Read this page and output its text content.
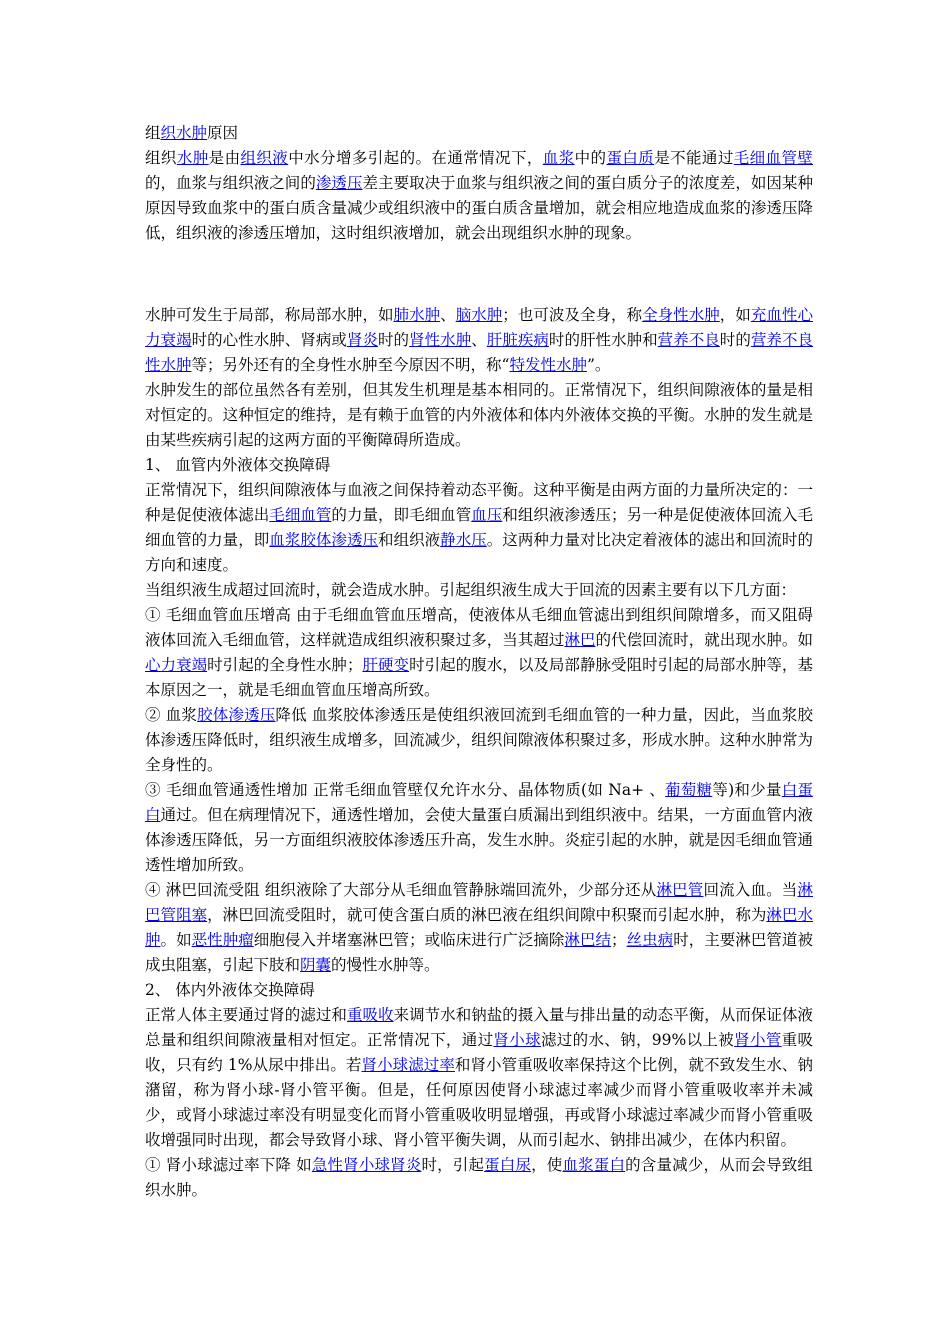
组织水肿原因

组织水肿是由组织液中水分增多引起的。在通常情况下，血浆中的蛋白质是不能通过毛细血管壁的，血浆与组织液之间的渗透压差主要取决于血浆与组织液之间的蛋白质分子的浓度差，如因某种原因导致血浆中的蛋白质含量减少或组织液中的蛋白质含量增加，就会相应地造成血浆的渗透压降低，组织液的渗透压增加，这时组织液增加，就会出现组织水肿的现象。

水肿可发生于局部，称局部水肿，如肺水肿、脑水肿；也可波及全身，称全身性水肿，如充血性心力衰竭时的心性水肿、肾病或肾炎时的肾性水肿、肝脏疾病时的肝性水肿和营养不良时的营养不良性水肿等；另外还有的全身性水肿至今原因不明，称“特发性水肿”。

水肿发生的部位虽然各有差别，但其发生机理是基本相同的。正常情况下，组织间隙液体的量是相对恒定的。这种恒定的维持，是有赖于血管的内外液体和体内外液体交换的平衡。水肿的发生就是由某些疾病引起的这两方面的平衡障碍所造成。

1、 血管内外液体交换障碍

正常情况下，组织间隙液体与血液之间保持着动态平衡。这种平衡是由两方面的力量所决定的：一种是促使液体滤出毛细血管的力量，即毛细血管血压和组织液渗透压；另一种是促使液体回流入毛细血管的力量，即血浆胶体渗透压和组织液静水压。这两种力量对比决定着液体的滤出和回流时的方向和速度。

当组织液生成超过回流时，就会造成水肿。引起组织液生成大于回流的因素主要有以下几方面：

① 毛细血管血压增高 由于毛细血管血压增高，使液体从毛细血管滤出到组织间隙增多，而又阻碍液体回流入毛细血管，这样就造成组织液积聚过多，当其超过淋巴的代偿回流时，就出现水肿。如心力衰竭时引起的全身性水肿；肝硬变时引起的腹水，以及局部静脉受阻时引起的局部水肿等，基本原因之一，就是毛细血管血压增高所致。

② 血浆胶体渗透压降低 血浆胶体渗透压是使组织液回流到毛细血管的一种力量，因此，当血浆胶体渗透压降低时，组织液生成增多，回流减少，组织间隙液体积聚过多，形成水肿。这种水肿常为全身性的。

③ 毛细血管通透性增加 正常毛细血管壁仅允许水分、晶体物质(如 Na+ 、葡萄糖等)和少量白蛋白通过。但在病理情况下，通透性增加，会使大量蛋白质漏出到组织液中。结果，一方面血管内液体渗透压降低，另一方面组织液胶体渗透压升高，发生水肿。炎症引起的水肿，就是因毛细血管通透性增加所致。

④ 淋巴回流受阻 组织液除了大部分从毛细血管静脉端回流外，少部分还从淋巴管回流入血。当淋巴管阻塞，淋巴回流受阻时，就可使含蛋白质的淋巴液在组织间隙中积聚而引起水肿，称为淋巴水肿。如恶性肿瘤细胞侵入并堵塞淋巴管；或临床进行广泛摘除淋巴结；丝虫病时，主要淋巴管道被成虫阻塞，引起下肢和阴囊的慢性水肿等。

2、 体内外液体交换障碍

正常人体主要通过肾的滤过和重吸收来调节水和钠盐的摄入量与排出量的动态平衡，从而保证体液总量和组织间隙液量相对恒定。正常情况下，通过肾小球滤过的水、钠，99%以上被肾小管重吸收，只有约 1%从尿中排出。若肾小球滤过率和肾小管重吸收率保持这个比例，就不致发生水、钠潴留，称为肾小球-肾小管平衡。但是，任何原因使肾小球滤过率减少而肾小管重吸收率并未减少，或肾小球滤过率没有明显变化而肾小管重吸收明显增强，再或肾小球滤过率减少而肾小管重吸收增强同时出现，都会导致肾小球、肾小管平衡失调，从而引起水、钠排出减少，在体内积留。

① 肾小球滤过率下降 如急性肾小球肾炎时，引起蛋白尿，使血浆蛋白的含量减少，从而会导致组织水肿。
